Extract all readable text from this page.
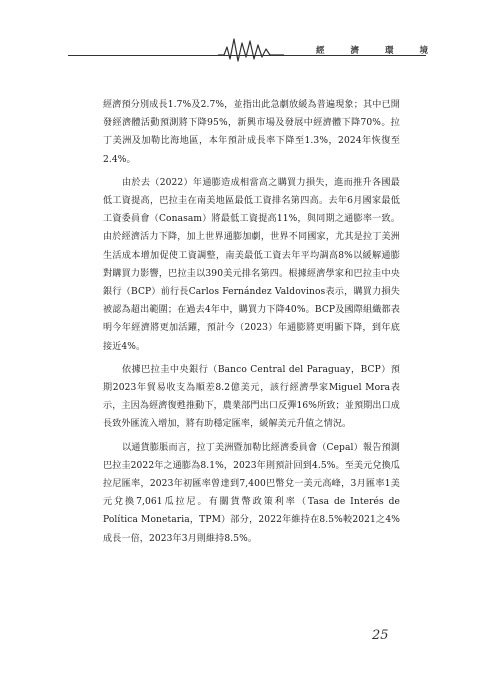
經	濟	環	境

經濟預分別成長1.7%及2.7%，並指出此急劇放緩為普遍現象；其中已開發經濟體活動預測將下降95%，新興市場及發展中經濟體下降70%。拉丁美洲及加勒比海地區，本年預計成長率下降至1.3%，2024年恢復至2.4%。

由於去（2022）年通膨造成相當高之購買力損失，進而推升各國最低工資提高，巴拉圭在南美地區最低工資排名第四高。去年6月國家最低工資委員會（Conasam）將最低工資提高11%，與同期之通膨率一致。由於經濟活力下降，加上世界通膨加劇，世界不同國家，尤其是拉丁美洲生活成本增加促使工資調整，南美最低工資去年平均調高8%以緩解通膨對購買力影響，巴拉圭以390美元排名第四。根據經濟學家和巴拉圭中央銀行（BCP）前行長Carlos Fernández Valdovinos表示，購買力損失被認為超出範圍；在過去4年中，購買力下降40%。BCP及國際組織都表明今年經濟將更加活躍，預計今（2023）年通膨將更明顯下降，到年底接近4%。

依據巴拉圭中央銀行（Banco Central del Paraguay，BCP）預期2023年貿易收支為順差8.2億美元，該行經濟學家Miguel Mora表示，主因為經濟復甦推動下，農業部門出口反彈16%所致；並預期出口成長致外匯流入增加，將有助穩定匯率，緩解美元升值之情況。

以通貨膨脹而言，拉丁美洲暨加勒比經濟委員會（Cepal）報告預測巴拉圭2022年之通膨為8.1%，2023年則預計回到4.5%。至美元兌換瓜拉尼匯率，2023年初匯率曾達到7,400巴幣兌一美元高峰，3月匯率1美元兌換7,061瓜拉尼。有關貨幣政策利率（Tasa de Interés de Política Monetaria，TPM）部分，2022年維持在8.5%較2021之4%成長一倍，2023年3月則維持8.5%。

25
